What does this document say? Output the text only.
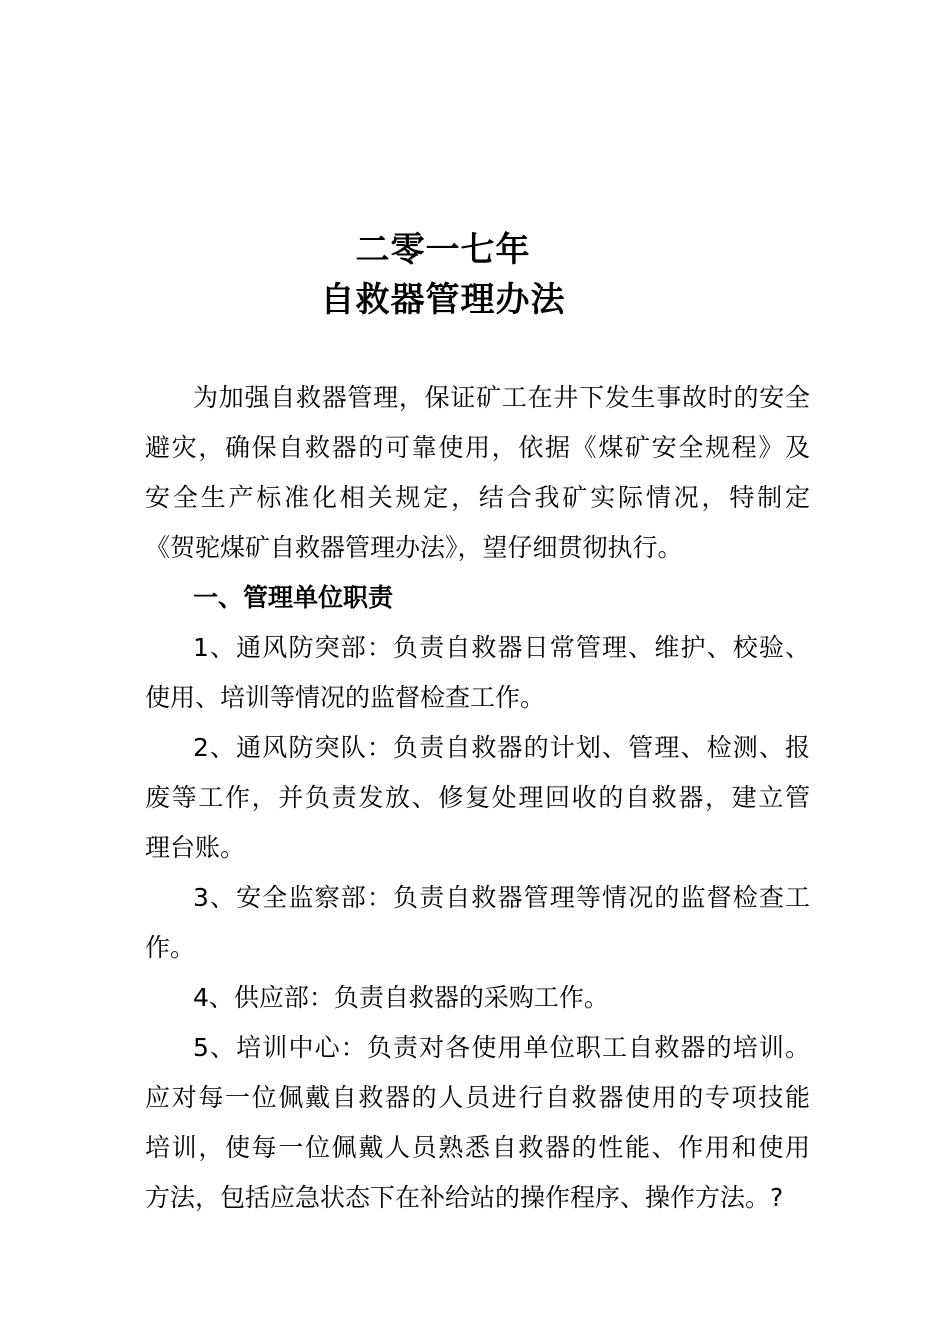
二零一七年
自救器管理办法
为加强自救器管理，保证矿工在井下发生事故时的安全
避灾，确保自救器的可靠使用，依据《煤矿安全规程》及
安全生产标准化相关规定，结合我矿实际情况，特制定
《贺驼煤矿自救器管理办法》，望仔细贯彻执行。
一、管理单位职责
1、通风防突部：负责自救器日常管理、维护、校验、
使用、培训等情况的监督检查工作。
2、通风防突队：负责自救器的计划、管理、检测、报
废等工作，并负责发放、修复处理回收的自救器，建立管
理台账。
3、安全监察部：负责自救器管理等情况的监督检查工
作。
4、供应部：负责自救器的采购工作。
5、培训中心：负责对各使用单位职工自救器的培训。
应对每一位佩戴自救器的人员进行自救器使用的专项技能
培训，使每一位佩戴人员熟悉自救器的性能、作用和使用
方法，包括应急状态下在补给站的操作程序、操作方法。?
